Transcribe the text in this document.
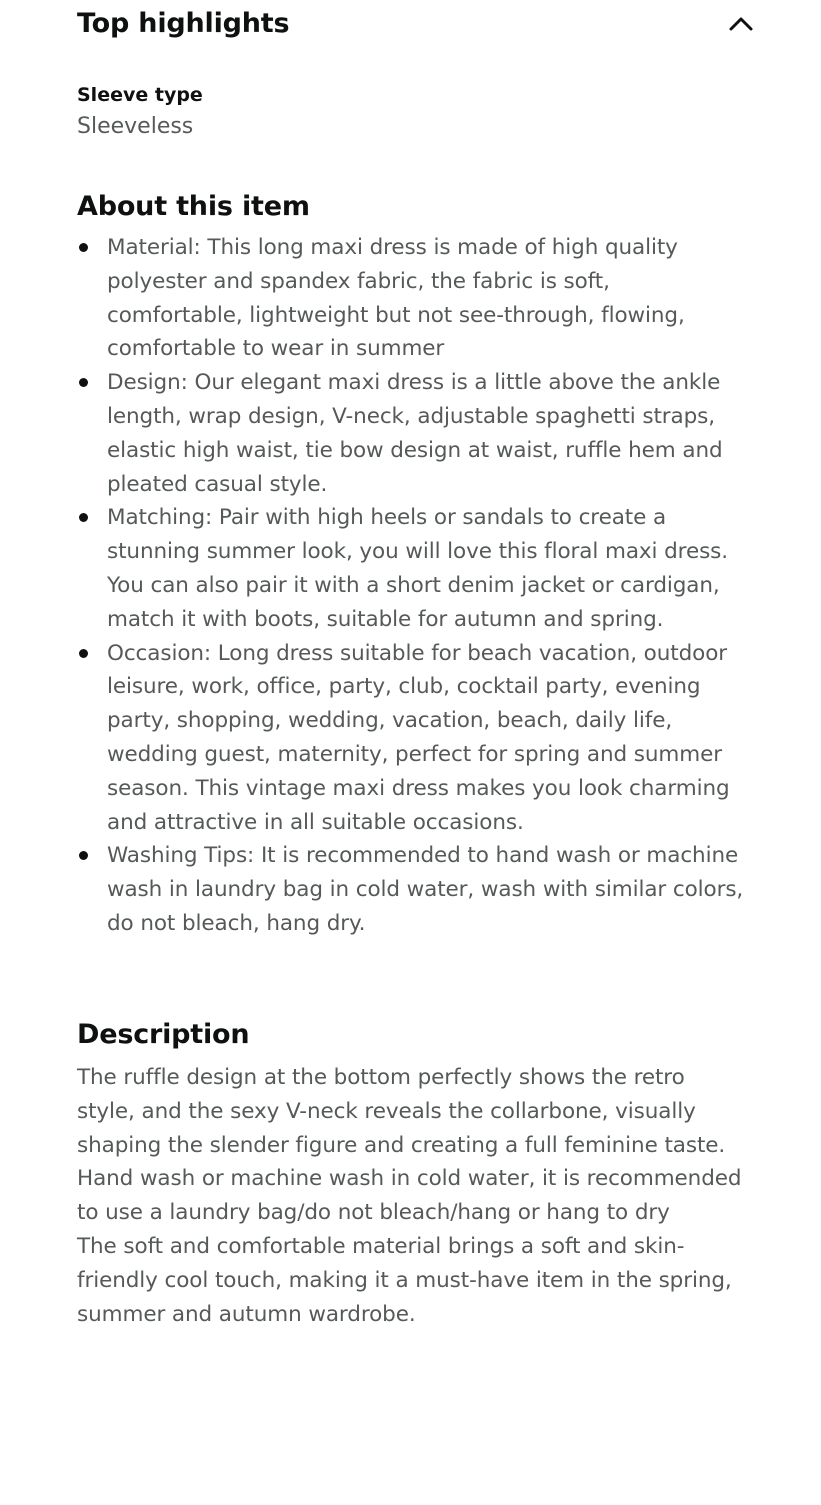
Top highlights
Sleeve type
Sleeveless
About this item
Material: This long maxi dress is made of high quality polyester and spandex fabric, the fabric is soft, comfortable, lightweight but not see-through, flowing, comfortable to wear in summer
Design: Our elegant maxi dress is a little above the ankle length, wrap design, V-neck, adjustable spaghetti straps, elastic high waist, tie bow design at waist, ruffle hem and pleated casual style.
Matching: Pair with high heels or sandals to create a stunning summer look, you will love this floral maxi dress. You can also pair it with a short denim jacket or cardigan, match it with boots, suitable for autumn and spring.
Occasion: Long dress suitable for beach vacation, outdoor leisure, work, office, party, club, cocktail party, evening party, shopping, wedding, vacation, beach, daily life, wedding guest, maternity, perfect for spring and summer season. This vintage maxi dress makes you look charming and attractive in all suitable occasions.
Washing Tips: It is recommended to hand wash or machine wash in laundry bag in cold water, wash with similar colors, do not bleach, hang dry.
Description

The ruffle design at the bottom perfectly shows the retro style, and the sexy V-neck reveals the collarbone, visually shaping the slender figure and creating a full feminine taste.

Hand wash or machine wash in cold water, it is recommended to use a laundry bag/do not bleach/hang or hang to dry

The soft and comfortable material brings a soft and skin-friendly cool touch, making it a must-have item in the spring, summer and autumn wardrobe.
